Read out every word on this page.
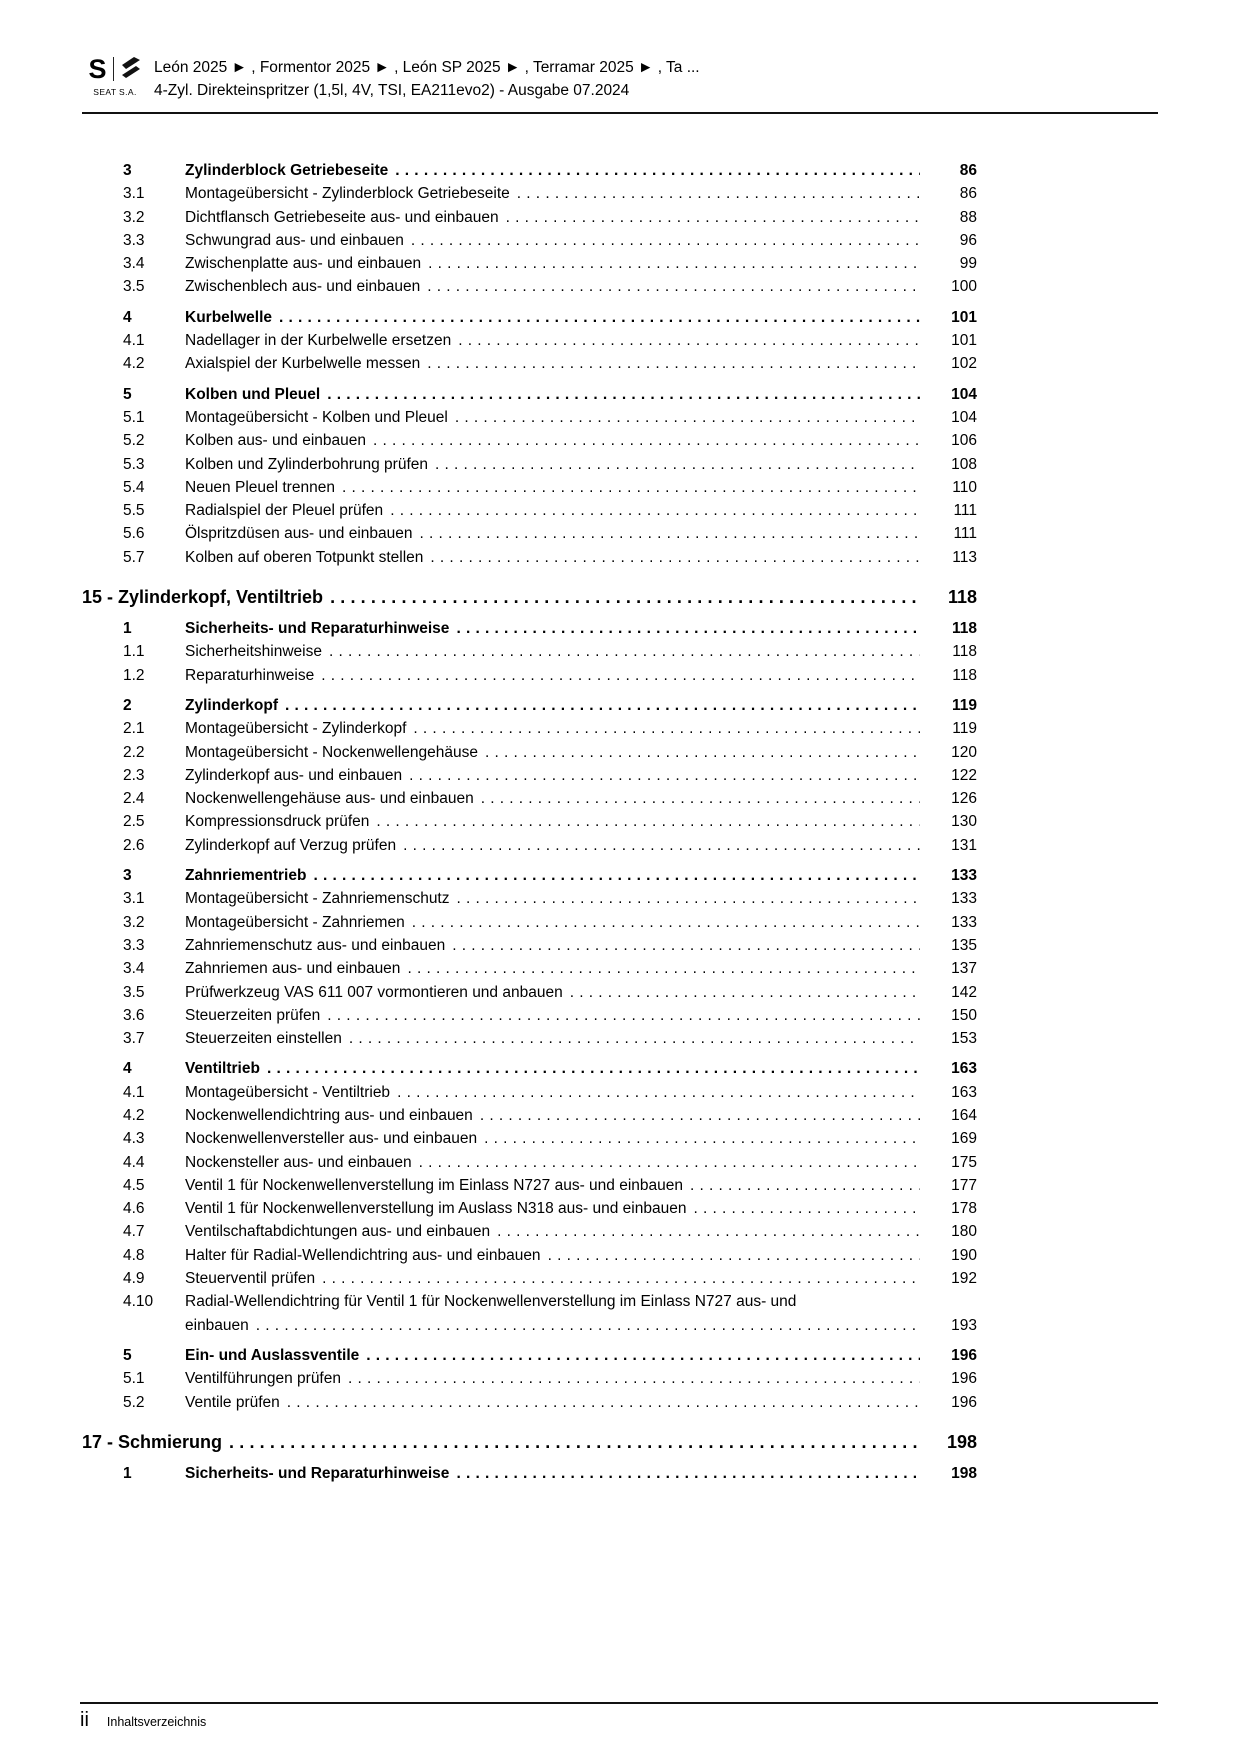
S
SEAT S.A.
León 2025 ► , Formentor 2025 ► , León SP 2025 ► , Terramar 2025 ► , Ta ...
4-Zyl. Direkteinspritzer (1,5l, 4V, TSI, EA211evo2) - Ausgabe 07.2024
3	Zylinderblock Getriebeseite .....	86
3.1	Montageübersicht - Zylinderblock Getriebeseite .....	86
3.2	Dichtflansch Getriebeseite aus- und einbauen .....	88
3.3	Schwungrad aus- und einbauen .....	96
3.4	Zwischenplatte aus- und einbauen .....	99
3.5	Zwischenblech aus- und einbauen .....	100
4	Kurbelwelle .....	101
4.1	Nadellager in der Kurbelwelle ersetzen .....	101
4.2	Axialspiel der Kurbelwelle messen .....	102
5	Kolben und Pleuel .....	104
5.1	Montageübersicht - Kolben und Pleuel .....	104
5.2	Kolben aus- und einbauen .....	106
5.3	Kolben und Zylinderbohrung prüfen .....	108
5.4	Neuen Pleuel trennen .....	110
5.5	Radialspiel der Pleuel prüfen .....	111
5.6	Ölspritzdüsen aus- und einbauen .....	111
5.7	Kolben auf oberen Totpunkt stellen .....	113
15 - Zylinderkopf, Ventiltrieb .....	118
1	Sicherheits- und Reparaturhinweise .....	118
1.1	Sicherheitshinweise .....	118
1.2	Reparaturhinweise .....	118
2	Zylinderkopf .....	119
2.1	Montageübersicht - Zylinderkopf .....	119
2.2	Montageübersicht - Nockenwellengehäuse .....	120
2.3	Zylinderkopf aus- und einbauen .....	122
2.4	Nockenwellengehäuse aus- und einbauen .....	126
2.5	Kompressionsdruck prüfen .....	130
2.6	Zylinderkopf auf Verzug prüfen .....	131
3	Zahnriementrieb .....	133
3.1	Montageübersicht - Zahnriemenschutz .....	133
3.2	Montageübersicht - Zahnriemen .....	133
3.3	Zahnriemenschutz aus- und einbauen .....	135
3.4	Zahnriemen aus- und einbauen .....	137
3.5	Prüfwerkzeug VAS 611 007 vormontieren und anbauen .....	142
3.6	Steuerzeiten prüfen .....	150
3.7	Steuerzeiten einstellen .....	153
4	Ventiltrieb .....	163
4.1	Montageübersicht - Ventiltrieb .....	163
4.2	Nockenwellendichtring aus- und einbauen .....	164
4.3	Nockenwellenversteller aus- und einbauen .....	169
4.4	Nockensteller aus- und einbauen .....	175
4.5	Ventil 1 für Nockenwellenverstellung im Einlass N727 aus- und einbauen .....	177
4.6	Ventil 1 für Nockenwellenverstellung im Auslass N318 aus- und einbauen .....	178
4.7	Ventilschaftabdichtungen aus- und einbauen .....	180
4.8	Halter für Radial-Wellendichtring aus- und einbauen .....	190
4.9	Steuerventil prüfen .....	192
4.10	Radial-Wellendichtring für Ventil 1 für Nockenwellenverstellung im Einlass N727 aus- und
einbauen .....	193
5	Ein- und Auslassventile .....	196
5.1	Ventilführungen prüfen .....	196
5.2	Ventile prüfen .....	196
17 - Schmierung .....	198
1	Sicherheits- und Reparaturhinweise .....	198
ii Inhaltsverzeichnis
